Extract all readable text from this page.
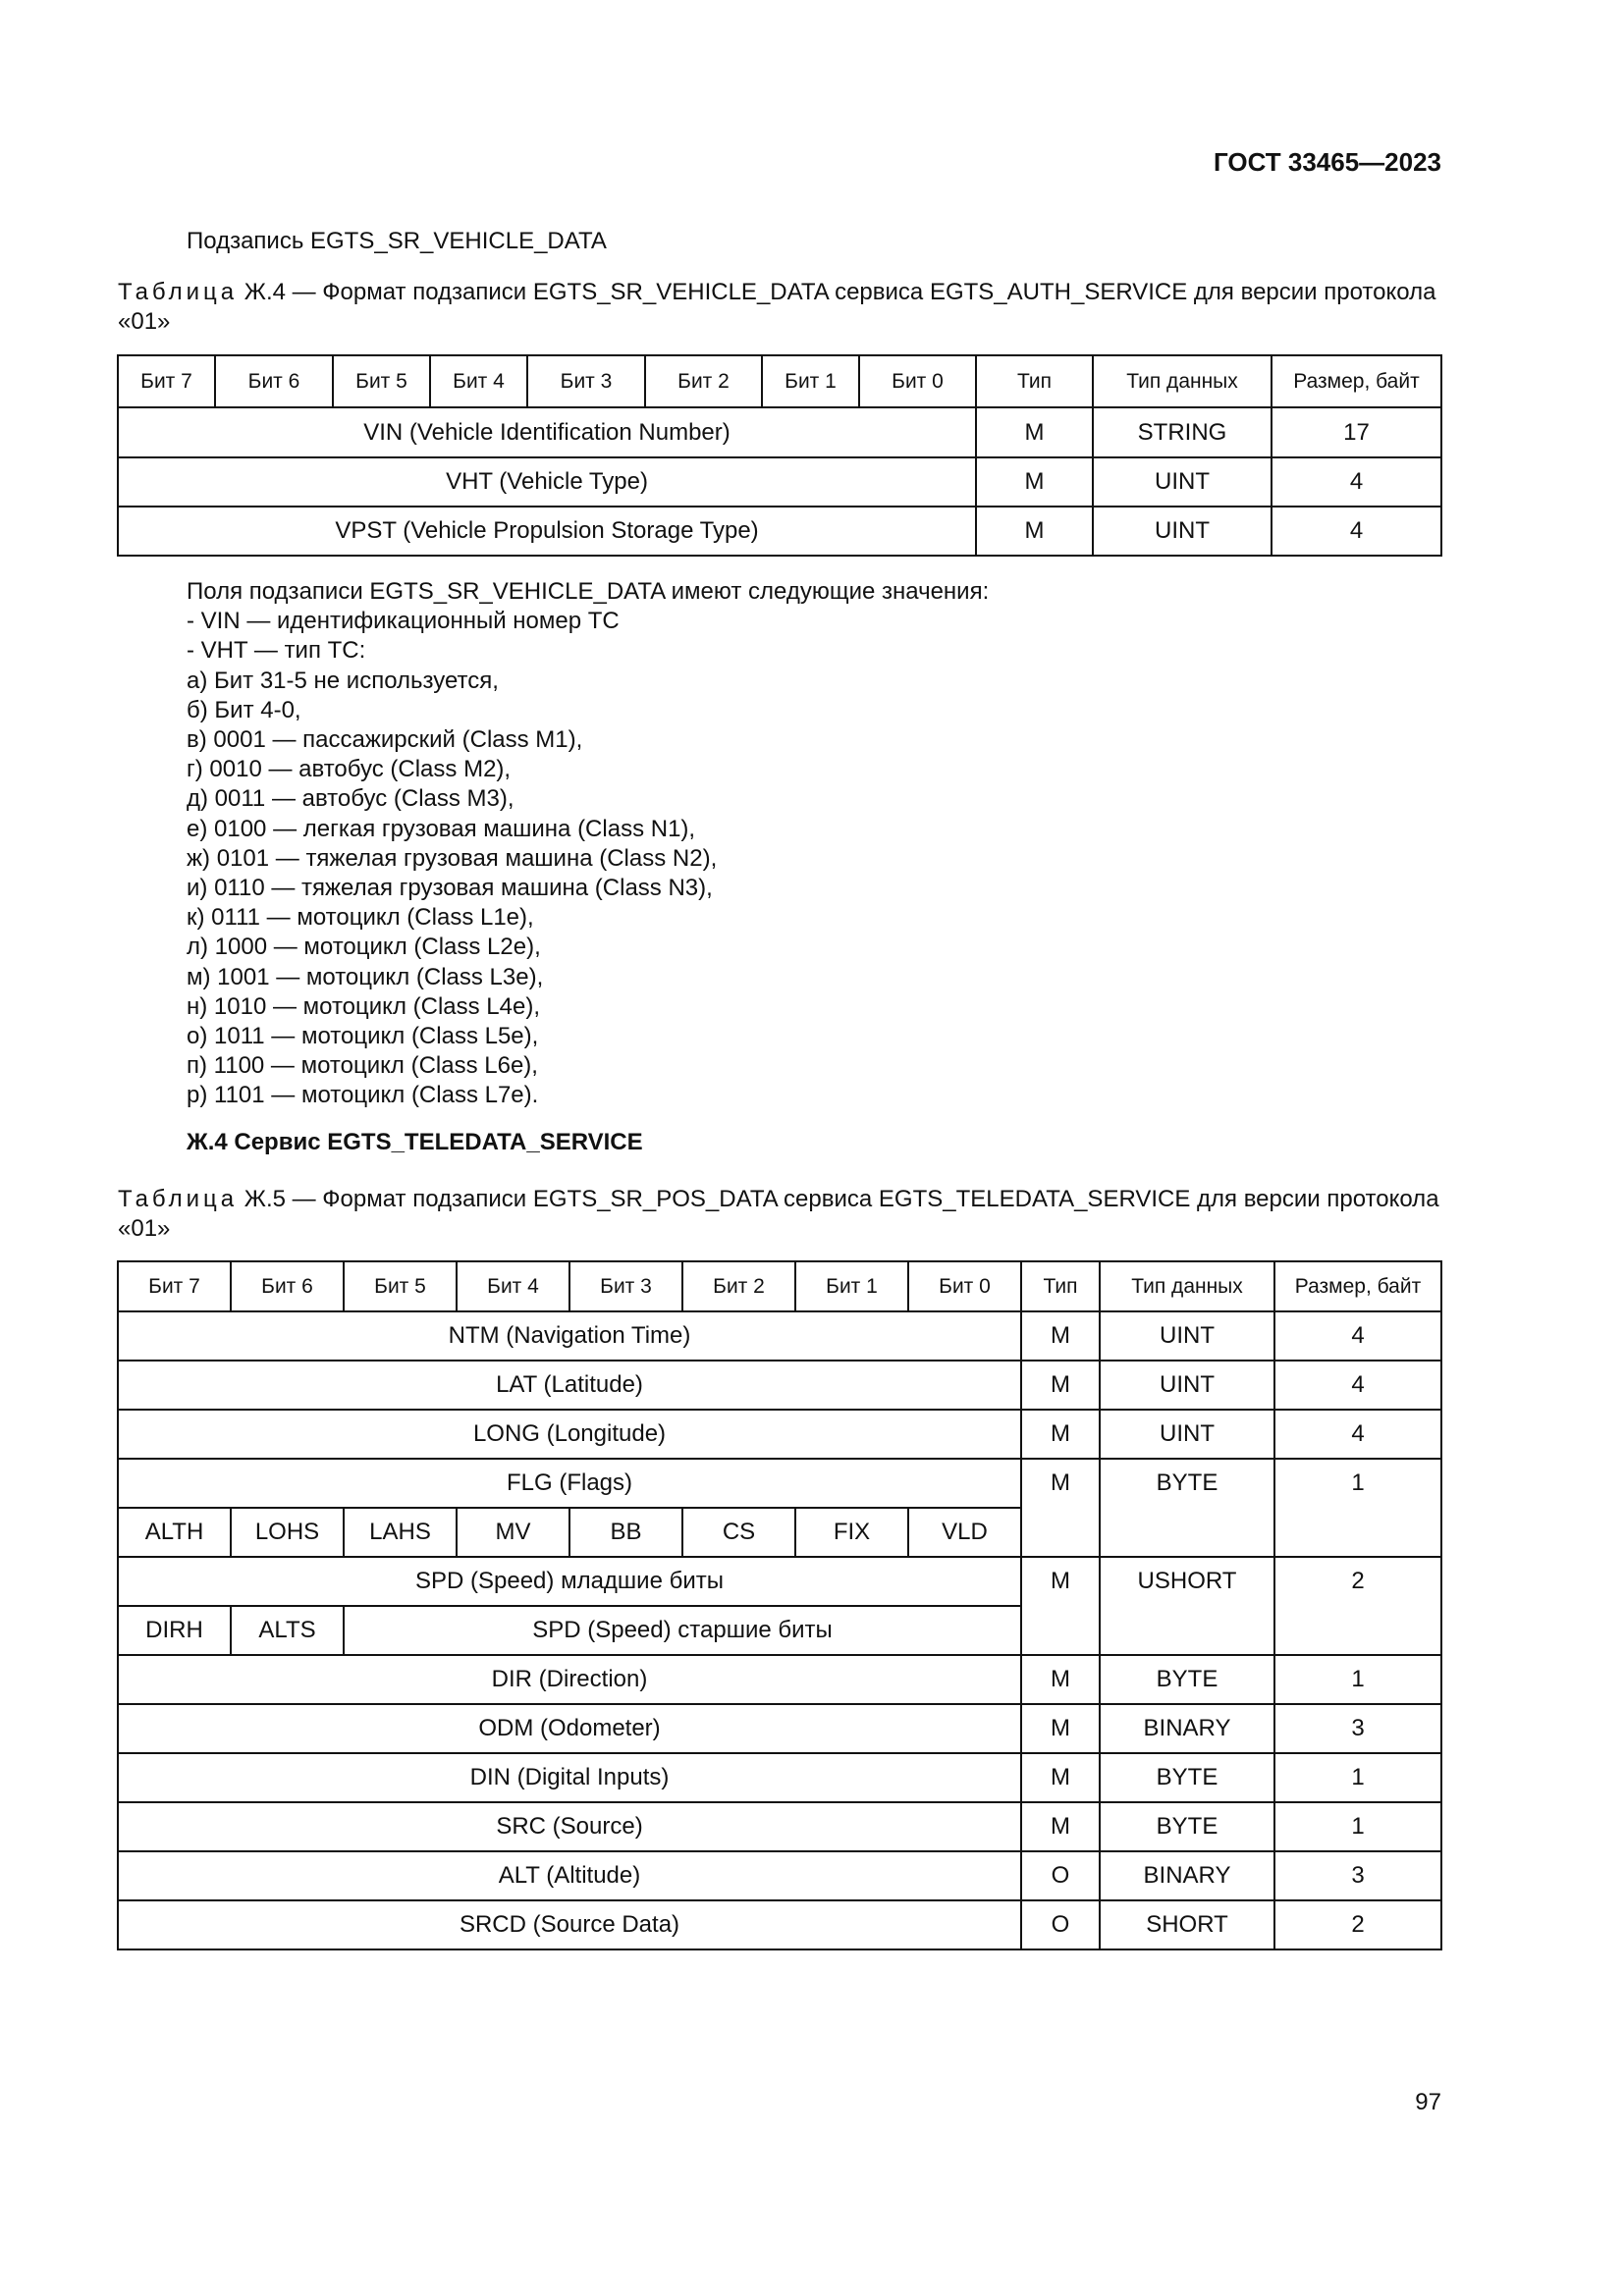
ГОСТ 33465—2023
Подзапись EGTS_SR_VEHICLE_DATA
Таблица Ж.4 — Формат подзаписи EGTS_SR_VEHICLE_DATA сервиса EGTS_AUTH_SERVICE для версии протокола «01»
Бит 7	Бит 6	Бит 5	Бит 4	Бит 3	Бит 2	Бит 1	Бит 0	Тип	Тип данных	Размер, байт
VIN (Vehicle Identification Number)								M	STRING	17
VHT (Vehicle Type)								M	UINT	4
VPST (Vehicle Propulsion Storage Type)								M	UINT	4
Поля подзаписи EGTS_SR_VEHICLE_DATA имеют следующие значения:
- VIN — идентификационный номер ТС
- VHT — тип ТС:
а) Бит 31-5 не используется,
б) Бит 4-0,
в) 0001 — пассажирский (Class M1),
г) 0010 — автобус (Class M2),
д) 0011 — автобус (Class M3),
е) 0100 — легкая грузовая машина (Class N1),
ж) 0101 — тяжелая грузовая машина (Class N2),
и) 0110 — тяжелая грузовая машина (Class N3),
к) 0111 — мотоцикл (Class L1e),
л) 1000 — мотоцикл (Class L2e),
м) 1001 — мотоцикл (Class L3e),
н) 1010 — мотоцикл (Class L4e),
о) 1011 — мотоцикл (Class L5e),
п) 1100 — мотоцикл (Class L6e),
р) 1101 — мотоцикл (Class L7e).
Ж.4 Сервис EGTS_TELEDATA_SERVICE
Таблица Ж.5 — Формат подзаписи EGTS_SR_POS_DATA сервиса EGTS_TELEDATA_SERVICE для версии протокола «01»
Бит 7	Бит 6	Бит 5	Бит 4	Бит 3	Бит 2	Бит 1	Бит 0	Тип	Тип данных	Размер, байт
NTM (Navigation Time)								M	UINT	4
LAT (Latitude)								M	UINT	4
LONG (Longitude)								M	UINT	4
FLG (Flags)								M	BYTE	1
ALTH	LOHS	LAHS	MV	BB	CS	FIX	VLD			
SPD (Speed) младшие биты								M	USHORT	2
DIRH	ALTS	SPD (Speed) старшие биты								
DIR (Direction)								M	BYTE	1
ODM (Odometer)								M	BINARY	3
DIN (Digital Inputs)								M	BYTE	1
SRC (Source)								M	BYTE	1
ALT (Altitude)								O	BINARY	3
SRCD (Source Data)								O	SHORT	2
97
